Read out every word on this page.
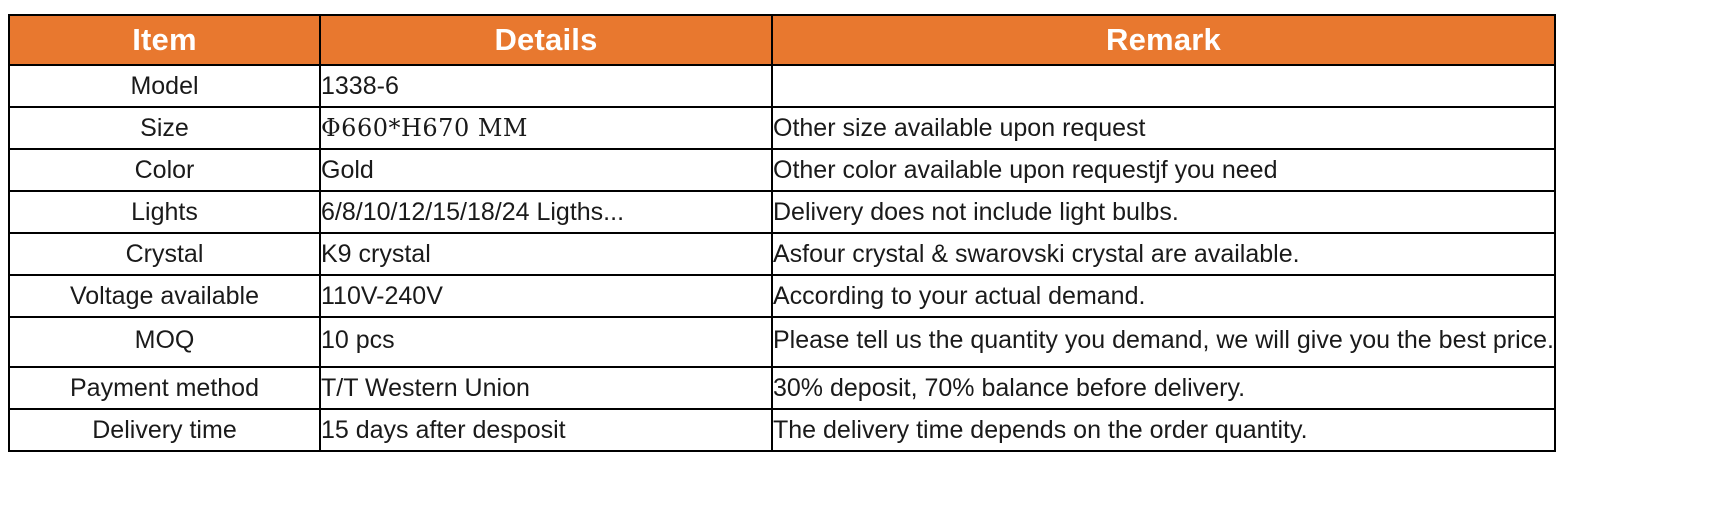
Item	Details	Remark
Model	1338-6	
Size	Φ660*H670 MM	Other size available upon request
Color	Gold	Other color available upon requestjf you need
Lights	6/8/10/12/15/18/24 Ligths...	Delivery does not include light bulbs.
Crystal	K9 crystal	Asfour crystal & swarovski crystal are available.
Voltage available	110V-240V	According to your actual demand.
MOQ	10 pcs	Please tell us the quantity you demand, we will give you the best price.
Payment method	T/T Western Union	30% deposit, 70% balance before delivery.
Delivery time	15 days after desposit	The delivery time depends on the order quantity.
